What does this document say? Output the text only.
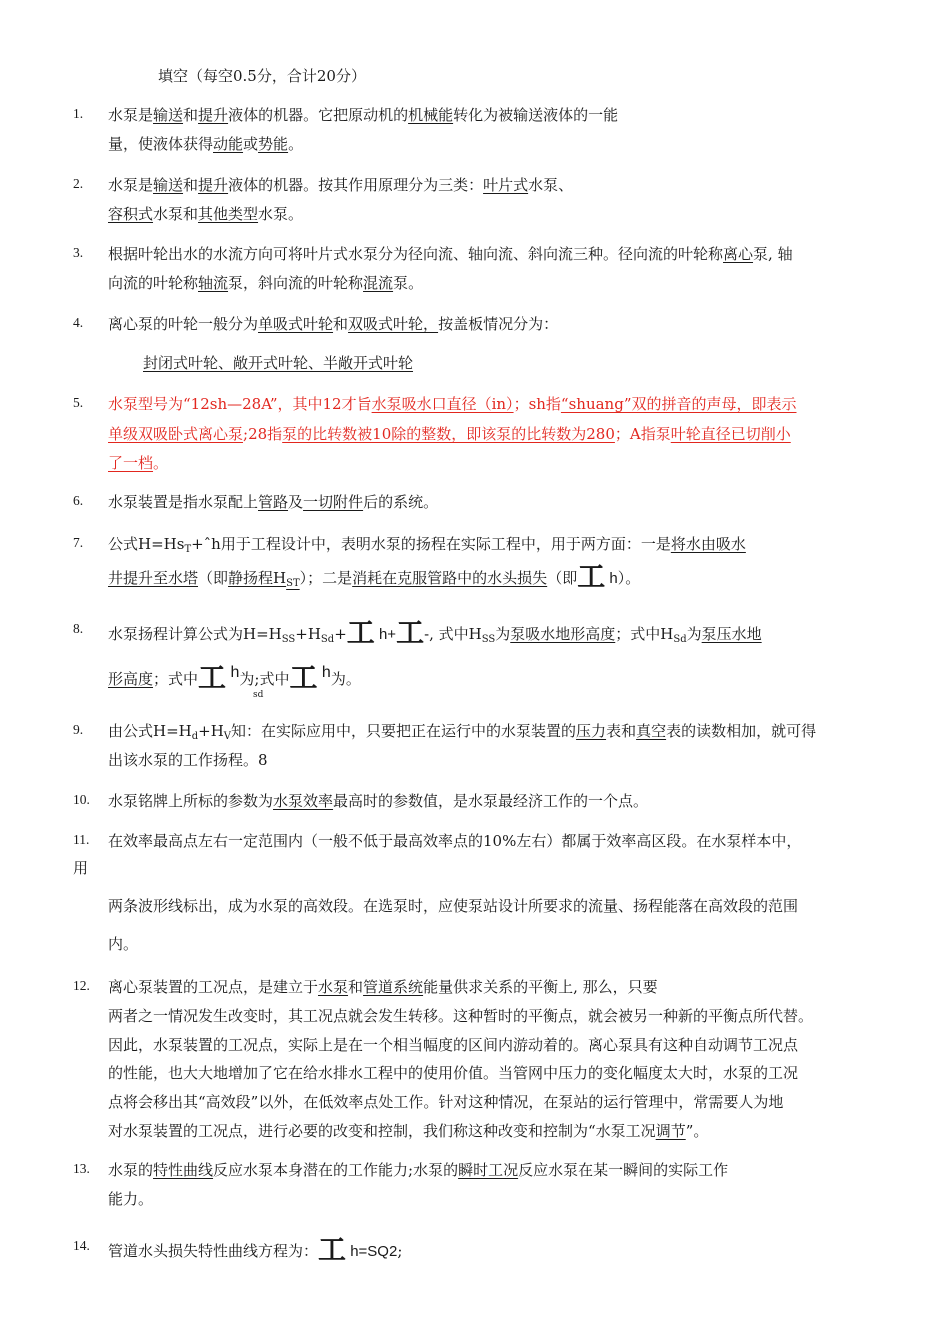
填空（每空0.5分，合计20分）
1. 水泵是输送和提升液体的机器。它把原动机的机械能转化为被输送液体的一能
量，使液体获得动能或势能。
2. 水泵是输送和提升液体的机器。按其作用原理分为三类：叶片式水泵、
容积式水泵和其他类型水泵。
3. 根据叶轮出水的水流方向可将叶片式水泵分为径向流、轴向流、斜向流三种。径向流的叶轮称离心泵, 轴
向流的叶轮称轴流泵，斜向流的叶轮称混流泵。
4. 离心泵的叶轮一般分为单吸式叶轮和双吸式叶轮，按盖板情况分为：
封闭式叶轮、敞开式叶轮、半敞开式叶轮
5. 水泵型号为“12sh—28A”，其中12才旨水泵吸水口直径（in）；sh指“shuang”双的拼音的声母，即表示
单级双吸卧式离心泵;28指泵的比转数被10除的整数，即该泵的比转数为280；A指泵叶轮直径已切削小
了一档。
6. 水泵装置是指水泵配上管路及一切附件后的系统。
7. 公式$H=Hs_T+ˆh$用于工程设计中，表明水泵的扬程在实际工程中，用于两方面：一是将水由吸水
井提升至水塔（即静扬程$H_{ST}$）；二是消耗在克服管路中的水头损失（即工 h）。
8. 水泵扬程计算公式为$H=H_{SS}+H_{Sd}+$工 h+工-, 式中$H_{SS}$为泵吸水地形高度；式中$H_{Sd}$为泵压水地
形高度；式中工 h为;式中工 h为。
9. 由公式$H=H_d+H_V$知：在实际应用中，只要把正在运行中的水泵装置的压力表和真空表的读数相加，就可得
出该水泵的工作扬程。8
10. 水泵铭牌上所标的参数为水泵效率最高时的参数值，是水泵最经济工作的一个点。
11. 在效率最高点左右一定范围内（一般不低于最高效率点的10%左右）都属于效率高区段。在水泵样本中，
用
两条波形线标出，成为水泵的高效段。在选泵时，应使泵站设计所要求的流量、扬程能落在高效段的范围
内。
12. 离心泵装置的工况点，是建立于水泵和管道系统能量供求关系的平衡上, 那么，只要
两者之一情况发生改变时，其工况点就会发生转移。这种暂时的平衡点，就会被另一种新的平衡点所代替。
因此，水泵装置的工况点，实际上是在一个相当幅度的区间内游动着的。离心泵具有这种自动调节工况点
的性能，也大大地增加了它在给水排水工程中的使用价值。当管网中压力的变化幅度太大时，水泵的工况
点将会移出其“高效段”以外，在低效率点处工作。针对这种情况，在泵站的运行管理中，常需要人为地
对水泵装置的工况点，进行必要的改变和控制，我们称这种改变和控制为“水泵工况调节”。
13. 水泵的特性曲线反应水泵本身潜在的工作能力;水泵的瞬时工况反应水泵在某一瞬间的实际工作
能力。
14. 管道水头损失特性曲线方程为：工 h=SQ2;
sd
